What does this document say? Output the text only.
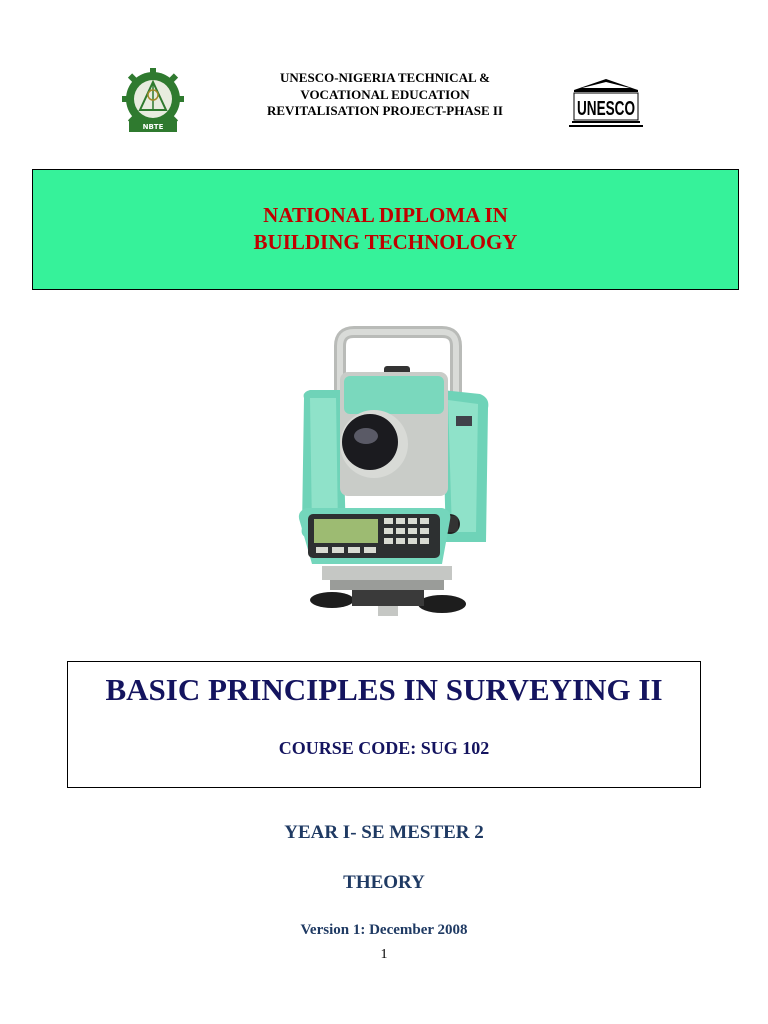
NBTE
UNESCO-NIGERIA TECHNICAL &
VOCATIONAL EDUCATION
REVITALISATION PROJECT-PHASE II	UNESCO
NATIONAL DIPLOMA IN
BUILDING TECHNOLOGY
BASIC PRINCIPLES IN SURVEYING II
COURSE CODE: SUG 102
YEAR I- SE MESTER 2
THEORY
Version 1: December 2008
1
